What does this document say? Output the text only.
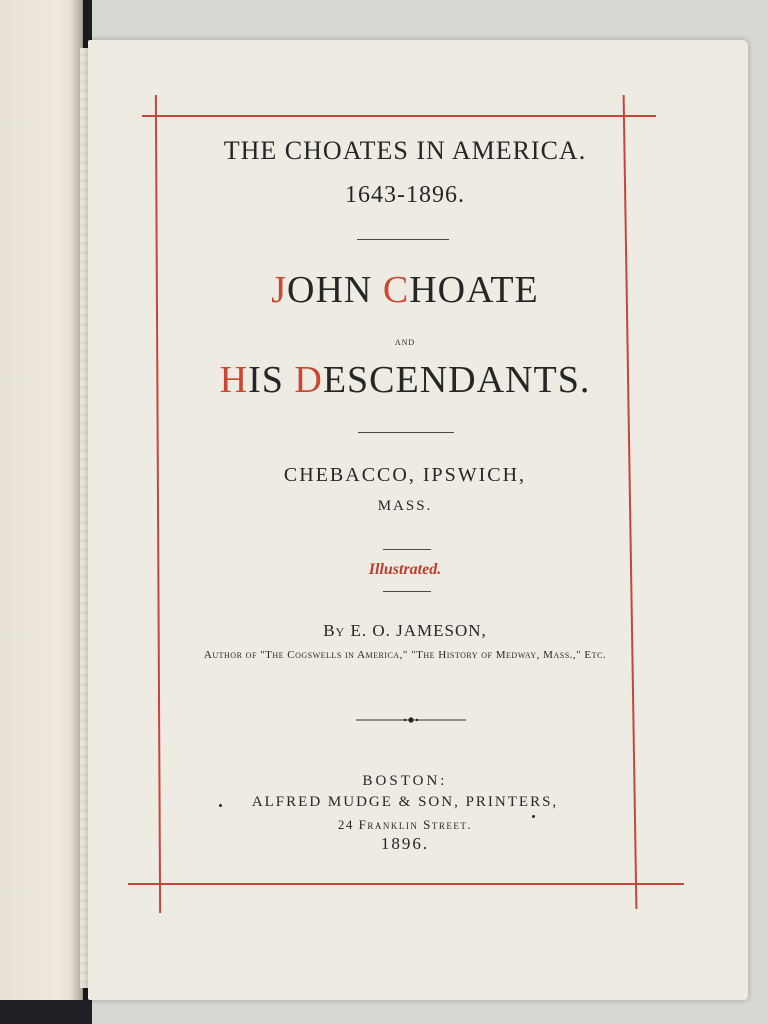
THE CHOATES IN AMERICA.
1643-1896.
JOHN CHOATE
AND
HIS DESCENDANTS.
CHEBACCO, IPSWICH,
MASS.
Illustrated.
By E. O. JAMESON,
Author of "The Cogswells in America," "The History of Medway, Mass.," Etc.
BOSTON:
ALFRED MUDGE & SON, PRINTERS,
24 Franklin Street.
1896.
